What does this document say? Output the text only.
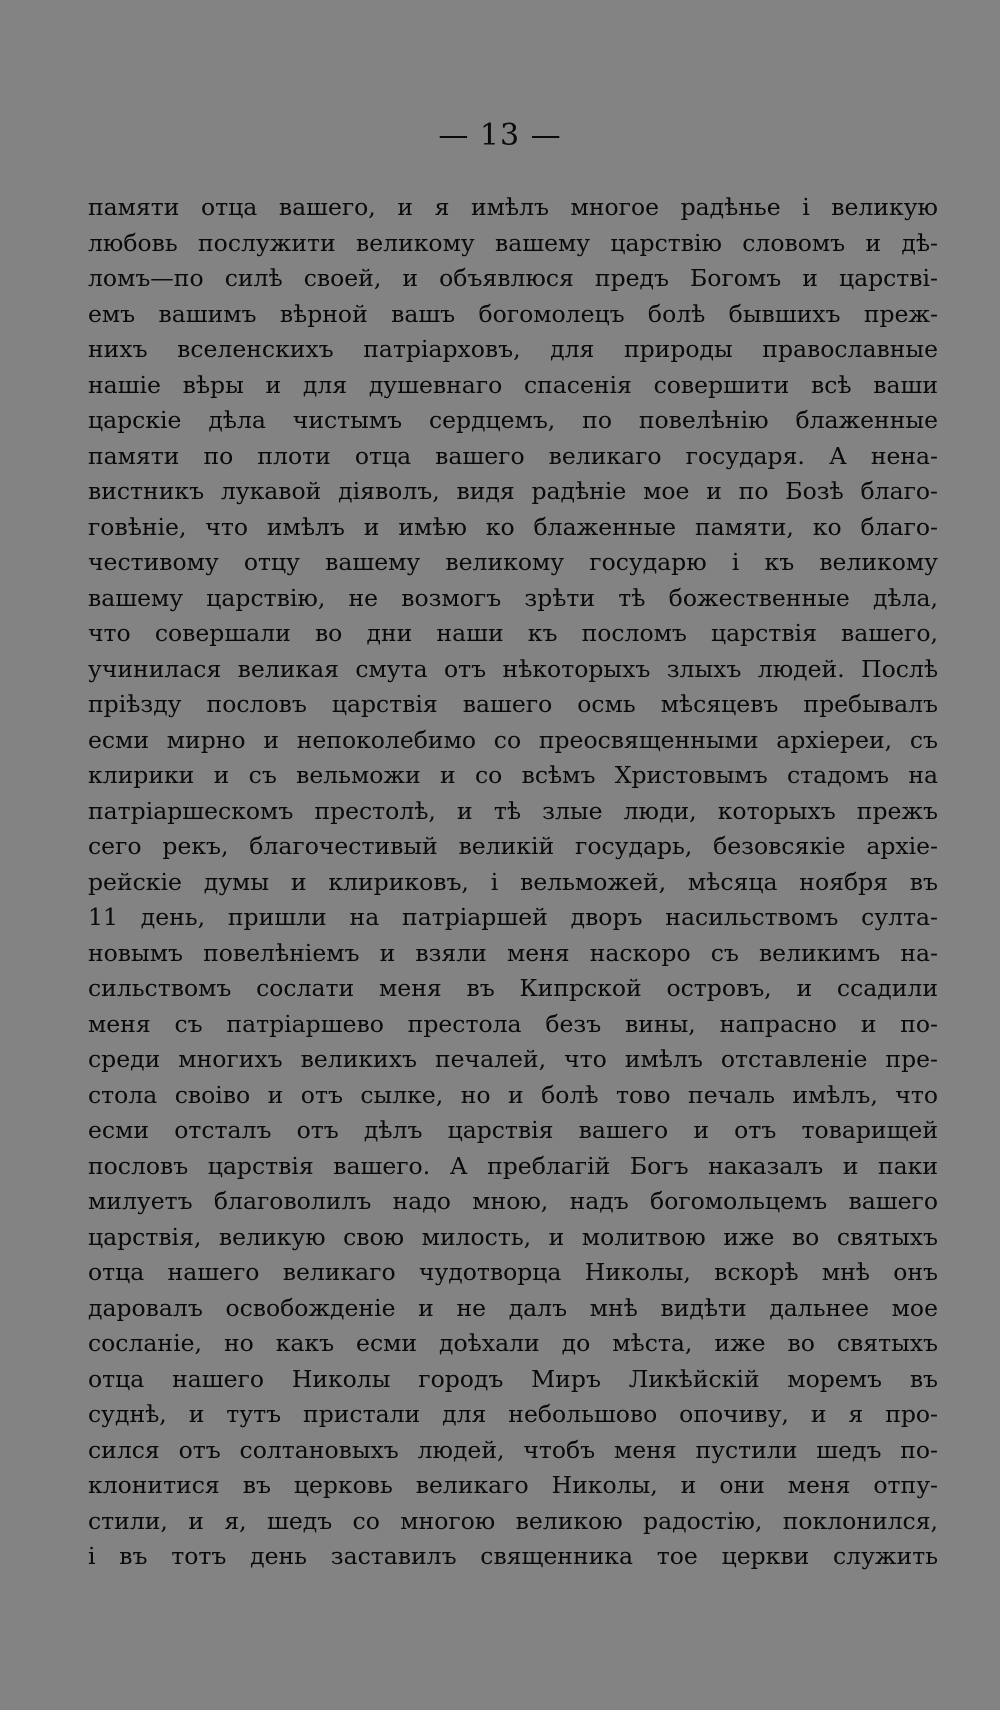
— 13 —
памяти отца вашего, и я имѣлъ многое радѣнье і великую
любовь послужити великому вашему царствію словомъ и дѣ-
ломъ—по силѣ своей, и объявлюся предъ Богомъ и царстві-
емъ вашимъ вѣрной вашъ богомолецъ болѣ бывшихъ преж-
нихъ вселенскихъ патріарховъ, для природы православные
нашіе вѣры и для душевнаго спасенія совершити всѣ ваши
царскіе дѣла чистымъ сердцемъ, по повелѣнію блаженные
памяти по плоти отца вашего великаго государя. А нена-
вистникъ лукавой діяволъ, видя радѣніе мое и по Бозѣ благо-
говѣніе, что имѣлъ и имѣю ко блаженные памяти, ко благо-
честивому отцу вашему великому государю і къ великому
вашему царствію, не возмогъ зрѣти тѣ божественные дѣла,
что совершали во дни наши къ посломъ царствія вашего,
учинилася великая смута отъ нѣкоторыхъ злыхъ людей. Послѣ
пріѣзду пословъ царствія вашего осмь мѣсяцевъ пребывалъ
есми мирно и непоколебимо со преосвященными архіереи, съ
клирики и съ вельможи и со всѣмъ Христовымъ стадомъ на
патріаршескомъ престолѣ, и тѣ злые люди, которыхъ прежъ
сего рекъ, благочестивый великій государь, безовсякіе архіе-
рейскіе думы и клириковъ, і вельможей, мѣсяца ноября въ
11 день, пришли на патріаршей дворъ насильствомъ султа-
новымъ повелѣніемъ и взяли меня наскоро съ великимъ на-
сильствомъ сослати меня въ Кипрской островъ, и ссадили
меня съ патріаршево престола безъ вины, напрасно и по-
среди многихъ великихъ печалей, что имѣлъ отставленіе пре-
стола своіво и отъ сылке, но и болѣ тово печаль имѣлъ, что
есми отсталъ отъ дѣлъ царствія вашего и отъ товарищей
пословъ царствія вашего. А преблагій Богъ наказалъ и паки
милуетъ благоволилъ надо мною, надъ богомольцемъ вашего
царствія, великую свою милость, и молитвою иже во святыхъ
отца нашего великаго чудотворца Николы, вскорѣ мнѣ онъ
даровалъ освобожденіе и не далъ мнѣ видѣти дальнее мое
сосланіе, но какъ есми доѣхали до мѣста, иже во святыхъ
отца нашего Николы городъ Миръ Ликѣйскій моремъ въ
суднѣ, и тутъ пристали для небольшово опочиву, и я про-
сился отъ солтановыхъ людей, чтобъ меня пустили шедъ по-
клонитися въ церковь великаго Николы, и они меня отпу-
стили, и я, шедъ со многою великою радостію, поклонился,
і въ тотъ день заставилъ священника тое церкви служить
